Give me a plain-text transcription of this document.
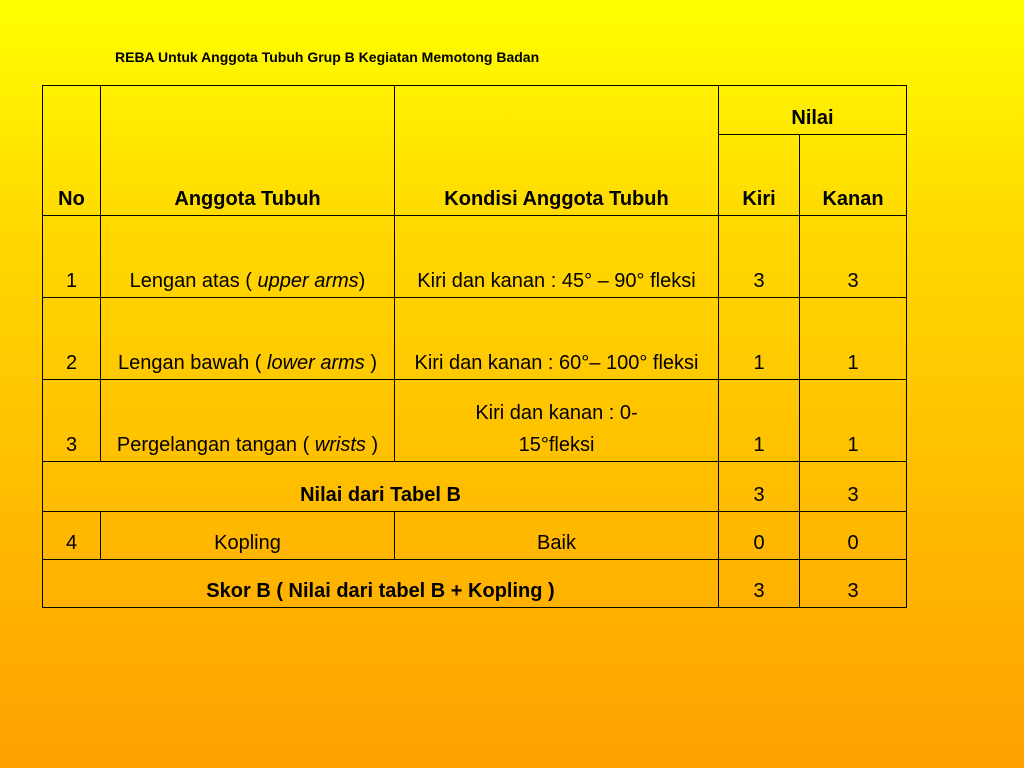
REBA Untuk Anggota Tubuh Grup B Kegiatan Memotong Badan
No	Anggota Tubuh	Kondisi Anggota Tubuh	Nilai	
			Kiri	Kanan
1	Lengan atas ( upper arms)	Kiri dan kanan : 45° – 90° fleksi	3	3
2	Lengan bawah ( lower arms )	Kiri dan kanan : 60°– 100° fleksi	1	1
3	Pergelangan tangan ( wrists )	Kiri dan kanan : 0-15°fleksi	1	1
Nilai dari Tabel B			3	3
4	Kopling	Baik	0	0
Skor B ( Nilai dari tabel B + Kopling )			3	3
